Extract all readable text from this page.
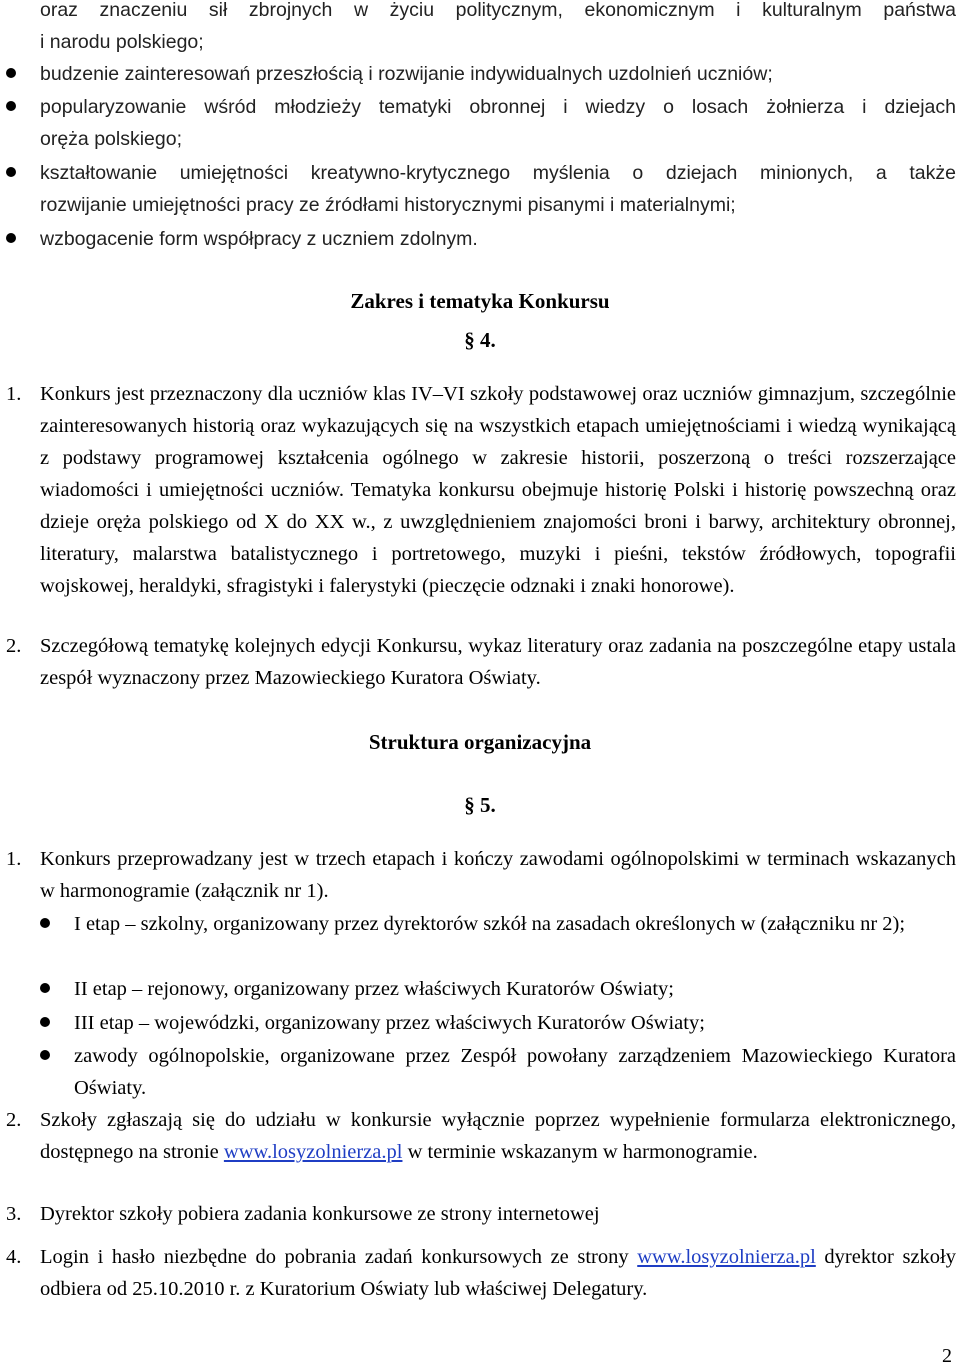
oraz znaczeniu sił zbrojnych w życiu politycznym, ekonomicznym i kulturalnym państwa
i narodu polskiego;
budzenie zainteresowań przeszłością i rozwijanie indywidualnych uzdolnień uczniów;
popularyzowanie wśród młodzieży tematyki obronnej i wiedzy o losach żołnierza i dziejach
oręża polskiego;
kształtowanie umiejętności kreatywno-krytycznego myślenia o dziejach minionych, a także
rozwijanie umiejętności pracy ze źródłami historycznymi pisanymi i materialnymi;
wzbogacenie form współpracy z uczniem zdolnym.
Zakres i tematyka Konkursu
§ 4.
1. Konkurs jest przeznaczony dla uczniów klas IV–VI szkoły podstawowej oraz uczniów gimnazjum, szczególnie zainteresowanych historią oraz wykazujących się na wszystkich etapach umiejętnościami i wiedzą wynikającą z podstawy programowej kształcenia ogólnego w zakresie historii, poszerzoną o treści rozszerzające wiadomości i umiejętności uczniów. Tematyka konkursu obejmuje historię Polski i historię powszechną oraz dzieje oręża polskiego od X do XX w., z uwzględnieniem znajomości broni i barwy, architektury obronnej, literatury, malarstwa batalistycznego i portretowego, muzyki i pieśni, tekstów źródłowych, topografii wojskowej, heraldyki, sfragistyki i falerystyki (pieczęcie odznaki i znaki honorowe).
2. Szczegółową tematykę kolejnych edycji Konkursu, wykaz literatury oraz zadania na poszczególne etapy ustala zespół wyznaczony przez Mazowieckiego Kuratora Oświaty.
Struktura organizacyjna
§ 5.
1. Konkurs przeprowadzany jest w trzech etapach i kończy zawodami ogólnopolskimi w terminach wskazanych w harmonogramie (załącznik nr 1).
I etap – szkolny, organizowany przez dyrektorów szkół na zasadach określonych w (załączniku nr 2);
II etap – rejonowy, organizowany przez właściwych Kuratorów Oświaty;
III etap – wojewódzki, organizowany przez właściwych Kuratorów Oświaty;
zawody ogólnopolskie, organizowane przez Zespół powołany zarządzeniem Mazowieckiego Kuratora Oświaty.
2. Szkoły zgłaszają się do udziału w konkursie wyłącznie poprzez wypełnienie formularza elektronicznego, dostępnego na stronie www.losyzolnierza.pl w terminie wskazanym w harmonogramie.
3. Dyrektor szkoły pobiera zadania konkursowe ze strony internetowej
4. Login i hasło niezbędne do pobrania zadań konkursowych ze strony www.losyzolnierza.pl dyrektor szkoły odbiera od 25.10.2010 r. z Kuratorium Oświaty lub właściwej Delegatury.
2
